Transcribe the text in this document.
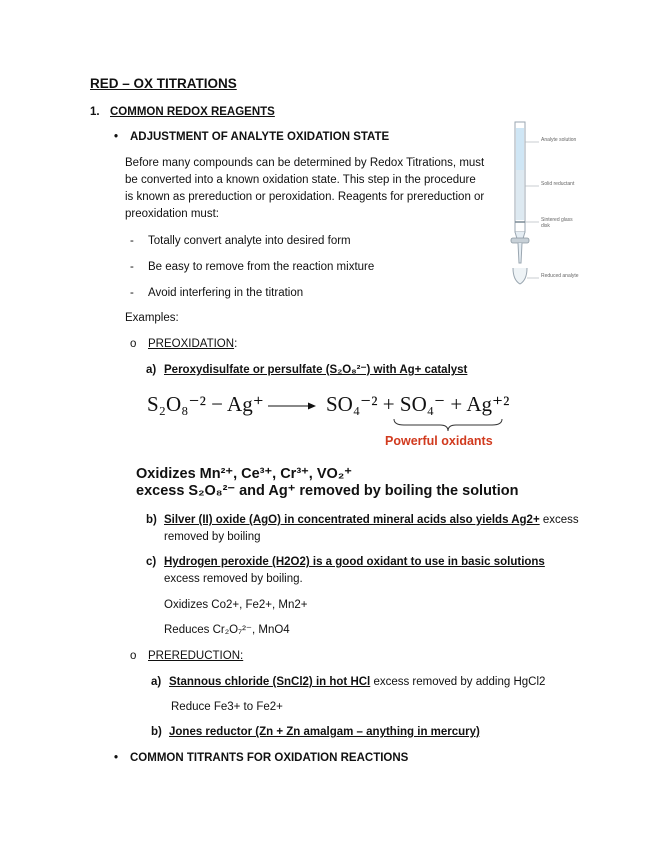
RED – OX TITRATIONS
1. COMMON REDOX REAGENTS
• ADJUSTMENT OF ANALYTE OXIDATION STATE
Before many compounds can be determined by Redox Titrations, must be converted into a known oxidation state. This step in the procedure is known as prereduction or peroxidation. Reagents for prereduction or preoxidation must:
- Totally convert analyte into desired form
- Be easy to remove from the reaction mixture
- Avoid interfering in the titration
Examples:
o PREOXIDATION:
a) Peroxydisulfate or persulfate (S₂O₈²⁻) with Ag+ catalyst
S₂O₈⁻² − Ag⁺ → SO₄⁻² + SO₄⁻ + Ag⁺²
Powerful oxidants
Oxidizes Mn²⁺, Ce³⁺, Cr³⁺, VO₂⁺
excess S₂O₈²⁻ and Ag⁺ removed by boiling the solution
b) Silver (II) oxide (AgO) in concentrated mineral acids also yields Ag2+ excess
removed by boiling
c) Hydrogen peroxide (H2O2) is a good oxidant to use in basic solutions
excess removed by boiling.
Oxidizes Co2+, Fe2+, Mn2+
Reduces Cr₂O₇²⁻, MnO4
o PREREDUCTION:
a) Stannous chloride (SnCl2) in hot HCl excess removed by adding HgCl2
Reduce Fe3+ to Fe2+
b) Jones reductor (Zn + Zn amalgam – anything in mercury)
• COMMON TITRANTS FOR OXIDATION REACTIONS
Analyte solution
Solid reductant
Sintered glass disk
Reduced analyte
